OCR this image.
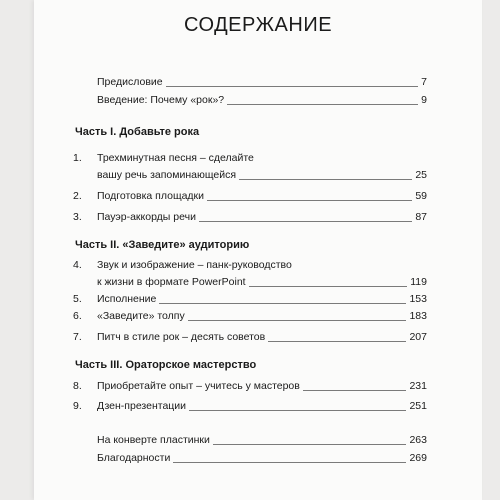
СОДЕРЖАНИЕ
Предисловие	7
Введение: Почему «рок»?	9
Часть I. Добавьте рока
1. Трехминутная песня – сделайте
вашу речь запоминающейся	25
2. Подготовка площадки	59
3. Пауэр-аккорды речи	87
Часть II. «Заведите» аудиторию
4. Звук и изображение – панк-руководство
к жизни в формате PowerPoint	119
5. Исполнение	153
6. «Заведите» толпу	183
7. Питч в стиле рок – десять советов	207
Часть III. Ораторское мастерство
8. Приобретайте опыт – учитесь у мастеров	231
9. Дзен-презентации	251
На конверте пластинки	263
Благодарности	269
